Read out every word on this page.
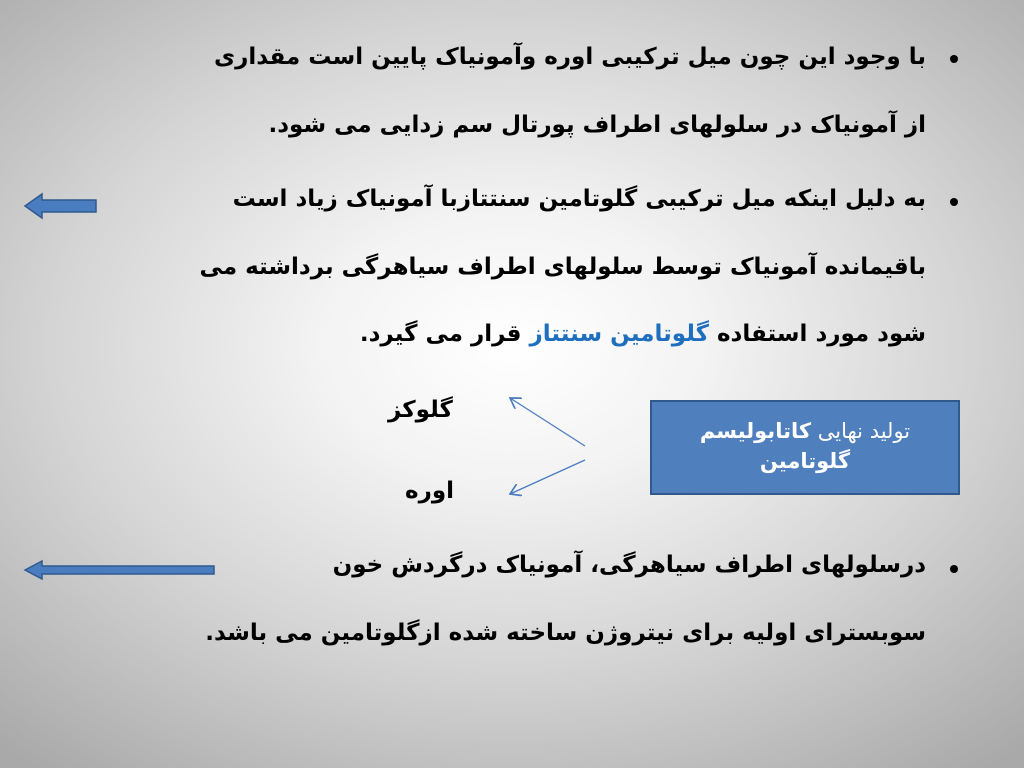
با وجود این چون میل ترکیبی اوره وآمونیاک پایین است مقداری
از آمونیاک در سلولهای اطراف پورتال سم زدایی می شود.
به دلیل اینکه میل ترکیبی گلوتامین سنتتازبا آمونیاک زیاد است
باقیمانده آمونیاک توسط سلولهای اطراف سیاهرگی برداشته می
شود مورد استفاده گلوتامین سنتتاز قرار می گیرد.
گلوکز
اوره
تولید نهایی کاتابولیسم
گلوتامین
درسلولهای اطراف سیاهرگی، آمونیاک درگردش خون
سوبسترای اولیه برای نیتروژن ساخته شده ازگلوتامین می باشد.
